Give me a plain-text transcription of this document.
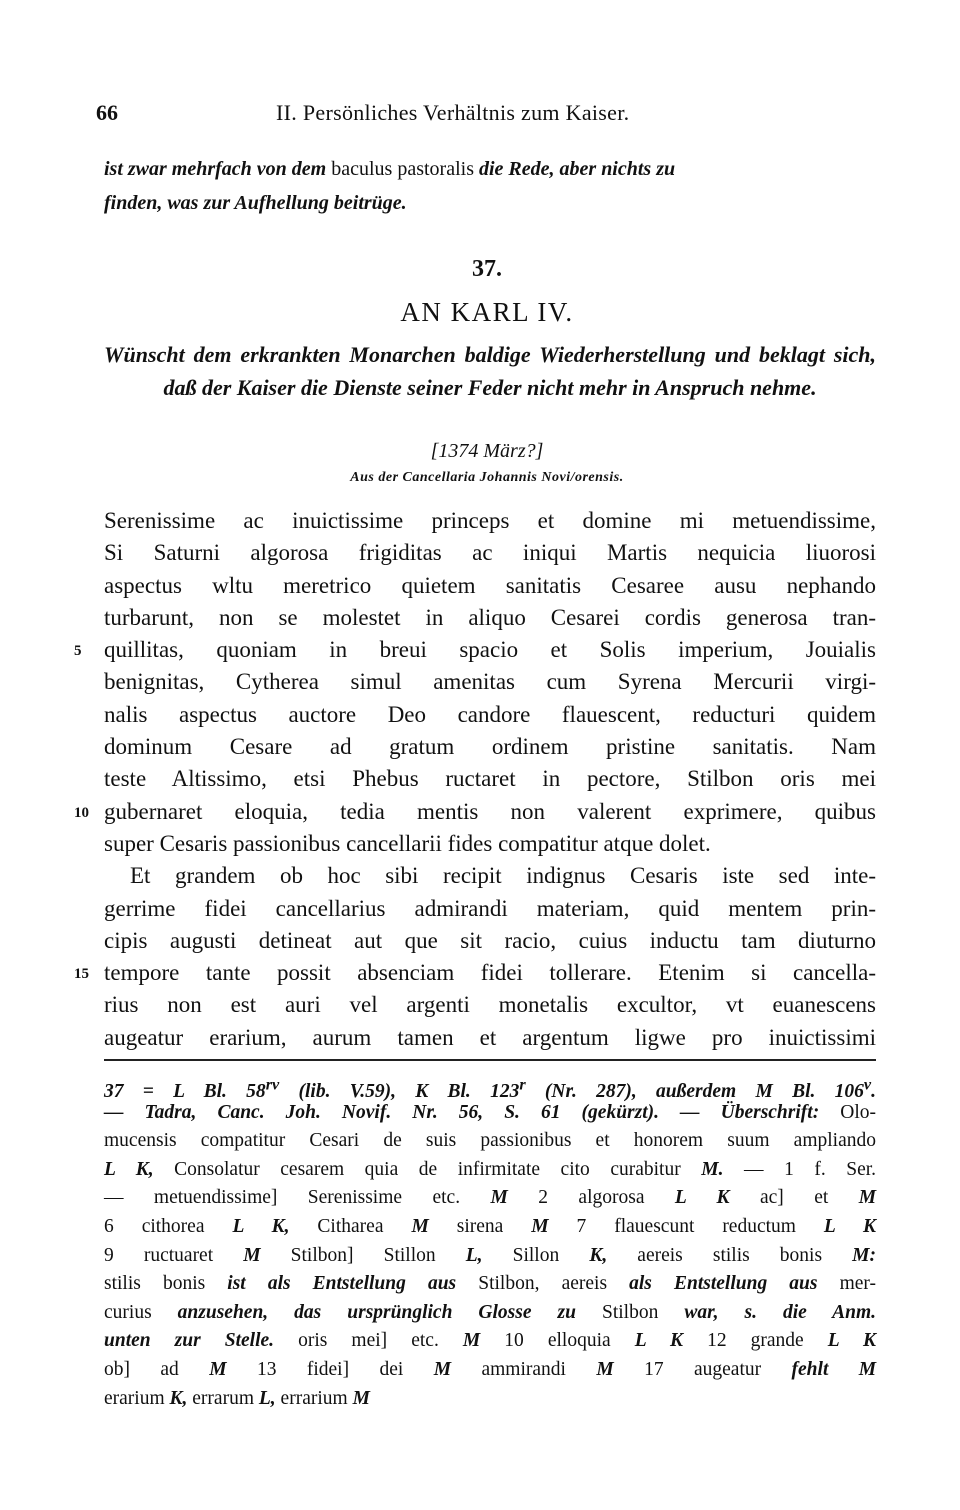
66	II. Persönliches Verhältnis zum Kaiser.
ist zwar mehrfach von dem baculus pastoralis die Rede, aber nichts zu
finden, was zur Aufhellung beitrüge.
37.
AN KARL IV.
Wünscht dem erkrankten Monarchen baldige Wiederherstellung und beklagt sich, daß der Kaiser die Dienste seiner Feder nicht mehr in Anspruch nehme.
[1374 März?]
Aus der Cancellaria Johannis Novi/orensis.
Serenissime ac inuictissime princeps et domine mi metuendissime,
Si Saturni algorosa frigiditas ac iniqui Martis nequicia liuorosi
aspectus wltu meretrico quietem sanitatis Cesaree ausu nephando
turbarunt, non se molestet in aliquo Cesarei cordis generosa tran-
5 quillitas, quoniam in breui spacio et Solis imperium, Jouialis
benignitas, Cytherea simul amenitas cum Syrena Mercurii virgi-
nalis aspectus auctore Deo candore flauescent, reducturi quidem
dominum Cesare ad gratum ordinem pristine sanitatis. Nam
teste Altissimo, etsi Phebus ructaret in pectore, Stilbon oris mei
10 gubernaret eloquia, tedia mentis non valerent exprimere, quibus
super Cesaris passionibus cancellarii fides compatitur atque dolet.
Et grandem ob hoc sibi recipit indignus Cesaris iste sed inte-
gerrime fidei cancellarius admirandi materiam, quid mentem prin-
cipis augusti detineat aut que sit racio, cuius inductu tam diuturno
15 tempore tante possit absenciam fidei tollerare. Etenim si cancella-
rius non est auri vel argenti monetalis excultor, vt euanescens
augeatur erarium, aurum tamen et argentum ligwe pro inuictissimi
37 = L Bl. $58^{rv}$ (lib. V.59), K Bl. 123$^r$ (Nr. 287), außerdem M Bl. 106$^v$.
— Tadra, Canc. Joh. Novif. Nr. 56, S. 61 (gekürzt). — Überschrift: Olo-
mucensis compatitur Cesari de suis passionibus et honorem suum ampliando
L K, Consolatur cesarem quia de infirmitate cito curabitur M. — 1 f. Ser.
— metuendissime] Serenissime etc. M 2 algorosa L K ac] et M
6 cithorea L K, Citharea M sirena M 7 flauescunt reductum L K
9 ructuaret M Stilbon] Stillon L, Sillon K, aereis stilis bonis M:
stilis bonis ist als Entstellung aus Stilbon, aereis als Entstellung aus mer-
curius anzusehen, das ursprünglich Glosse zu Stilbon war, s. die Anm.
unten zur Stelle. oris mei] etc. M 10 elloquia L K 12 grande L K
ob] ad M 13 fidei] dei M ammirandi M 17 augeatur fehlt M
erarium K, errarum L, errarium M
